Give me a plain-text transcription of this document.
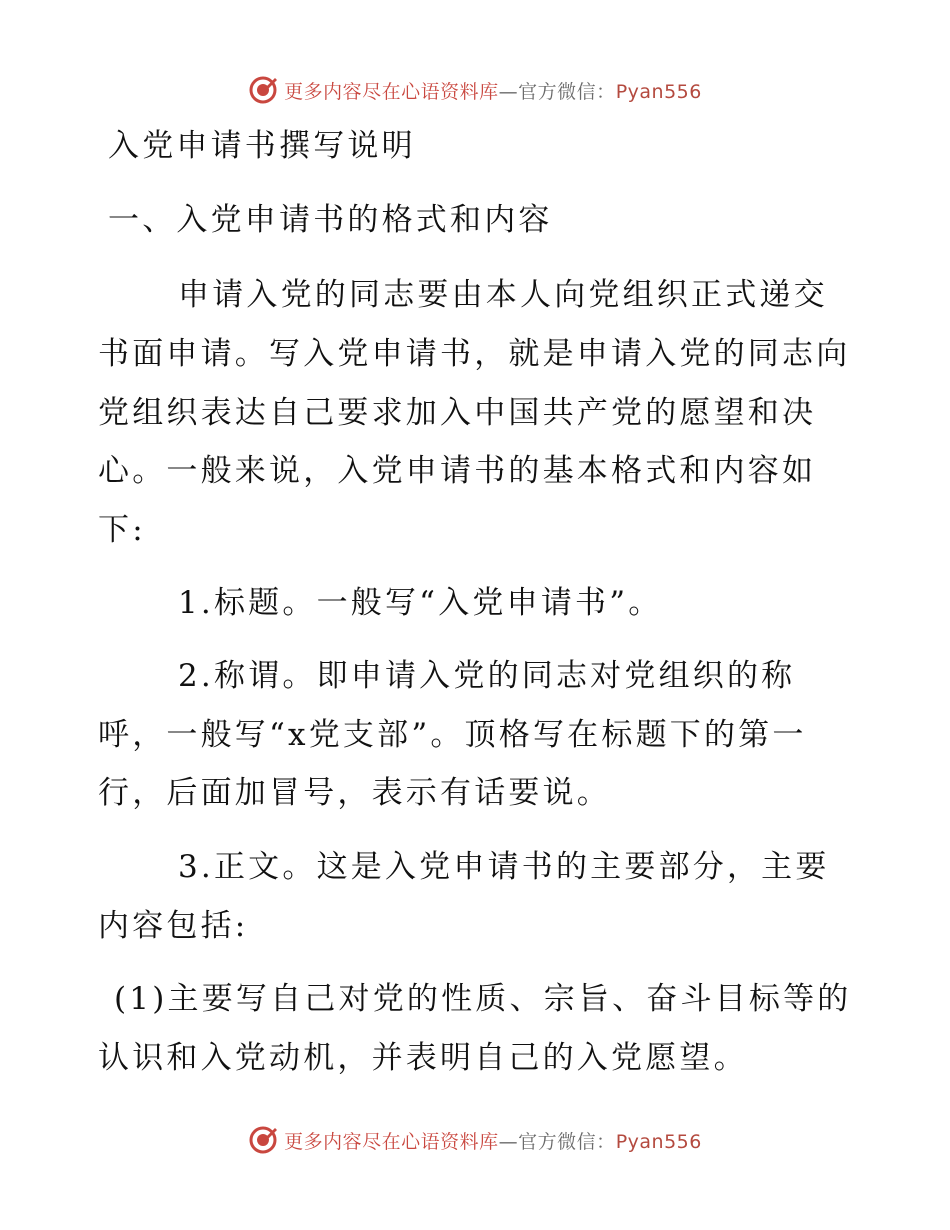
更多内容尽在心语资料库—官方微信：Pyan556
入党申请书撰写说明
一、入党申请书的格式和内容
申请入党的同志要由本人向党组织正式递交
书面申请。写入党申请书，就是申请入党的同志向
党组织表达自己要求加入中国共产党的愿望和决
心。一般来说，入党申请书的基本格式和内容如
下:
1.标题。一般写“入党申请书”。
2.称谓。即申请入党的同志对党组织的称
呼，一般写“x党支部”。顶格写在标题下的第一
行，后面加冒号，表示有话要说。
3.正文。这是入党申请书的主要部分，主要
内容包括:
(1)主要写自己对党的性质、宗旨、奋斗目标等的
认识和入党动机，并表明自己的入党愿望。
更多内容尽在心语资料库—官方微信：Pyan556
